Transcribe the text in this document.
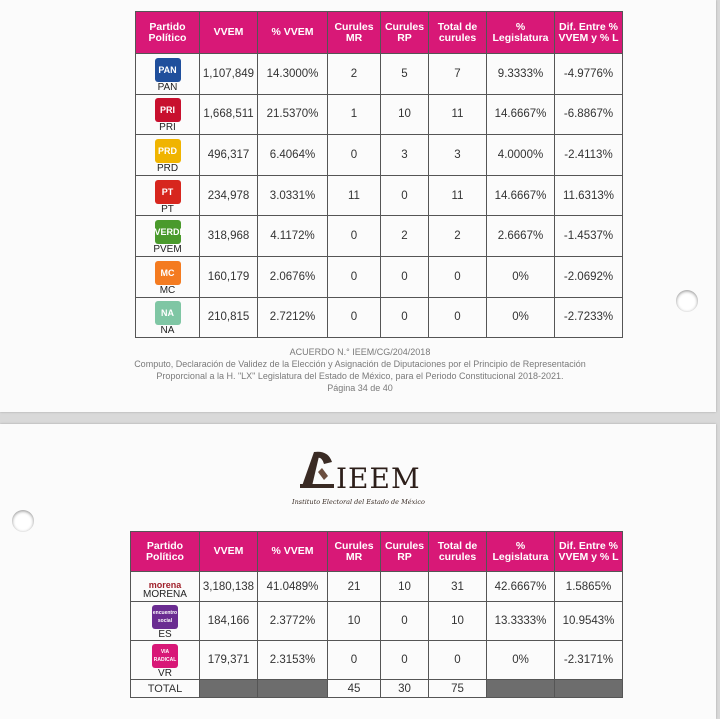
Partido Político	VVEM	% VVEM	Curules MR	Curules RP	Total de curules	% Legislatura	Dif. Entre % VVEM y % L

PAN
PAN	1,107,849	14.3000%	2	5	7	9.3333%	-4.9776%

PRI
PRI	1,668,511	21.5370%	1	10	11	14.6667%	-6.8867%

PRD
PRD	496,317	6.4064%	0	3	3	4.0000%	-2.4113%

PT
PT	234,978	3.0331%	11	0	11	14.6667%	11.6313%

VERDE
PVEM	318,968	4.1172%	0	2	2	2.6667%	-1.4537%

MC
MC	160,179	2.0676%	0	0	0	0%	-2.0692%

NA
NA	210,815	2.7212%	0	0	0	0%	-2.7233%
ACUERDO N.° IEEM/CG/204/2018
Computo, Declaración de Validez de la Elección y Asignación de Diputaciones por el Principio de Representación
Proporcional a la H. "LX" Legislatura del Estado de México, para el Periodo Constitucional 2018-2021.
Página 34 de 40
IEEM
Instituto Electoral del Estado de México
Partido Político	VVEM	% VVEM	Curules MR	Curules RP	Total de curules	% Legislatura	Dif. Entre % VVEM y % L

morena
MORENA	3,180,138	41.0489%	21	10	31	42.6667%	1.5865%

encuentro social
ES	184,166	2.3772%	10	0	10	13.3333%	10.9543%

VIA RADICAL
VR	179,371	2.3153%	0	0	0	0%	-2.3171%
TOTAL			45	30	75		
